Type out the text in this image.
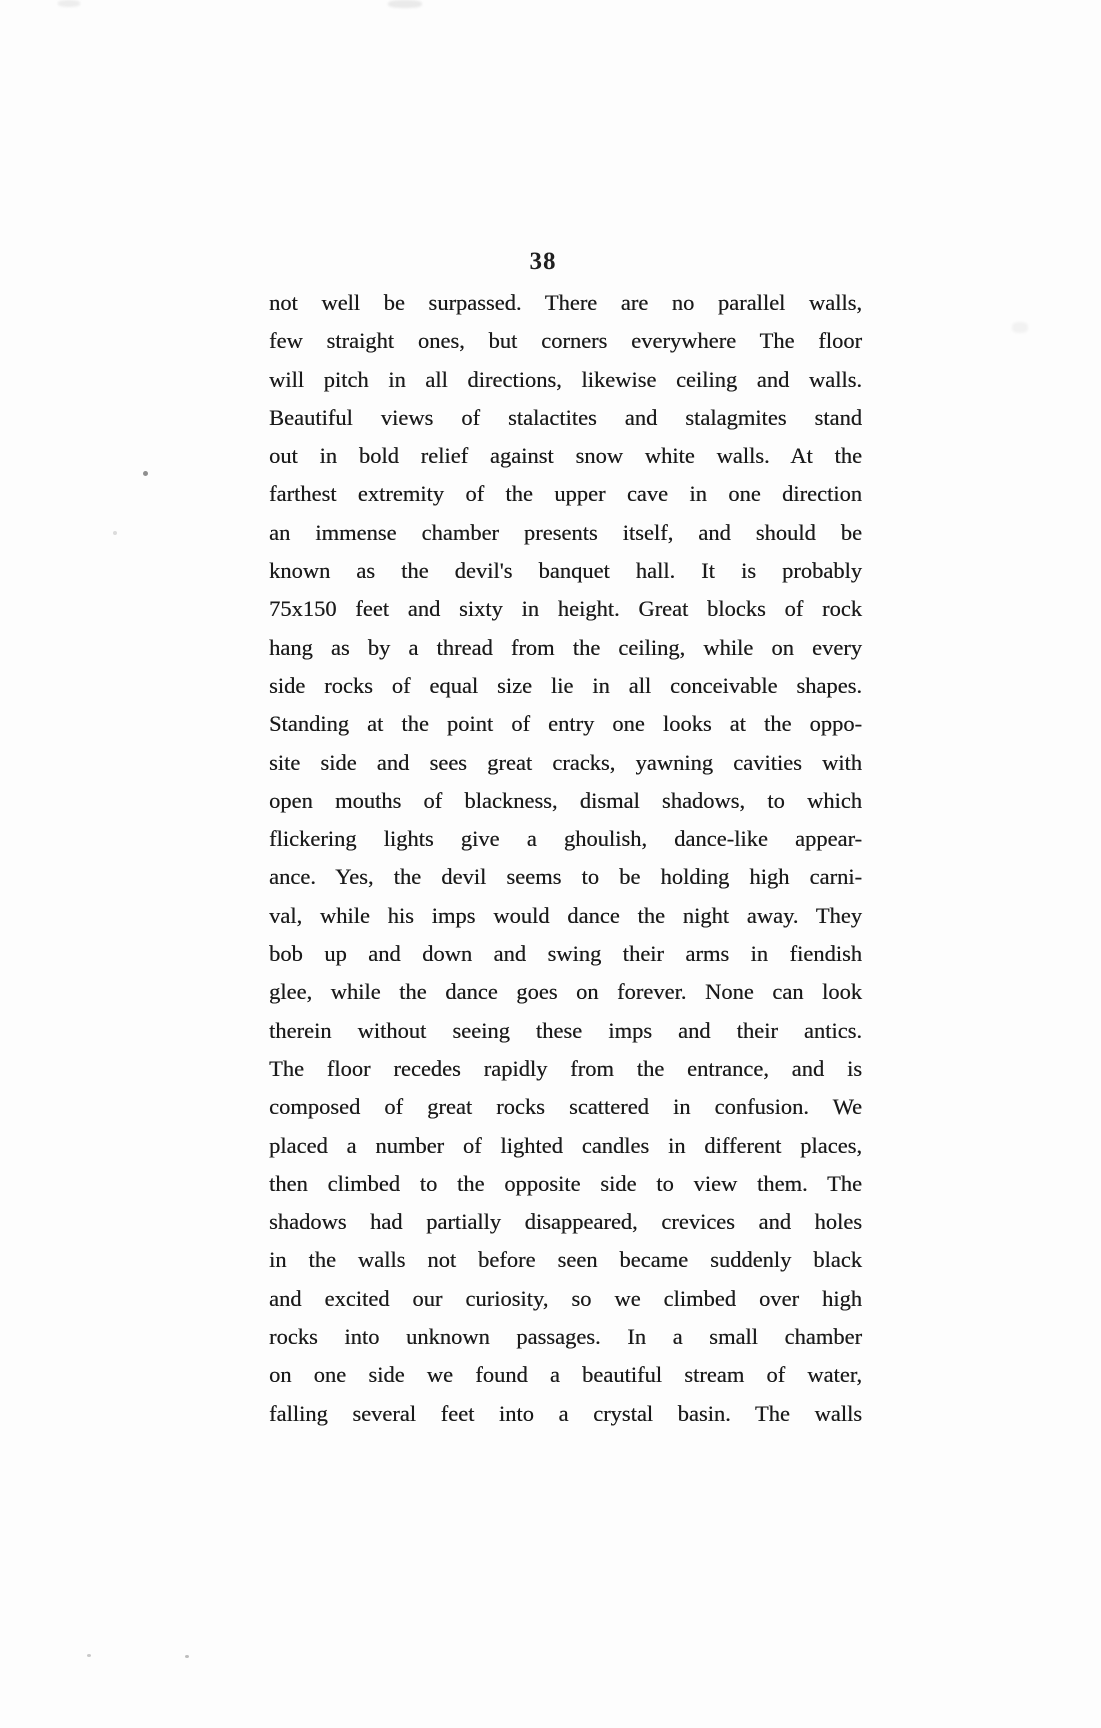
38
not well be surpassed. There are no parallel walls,
few straight ones, but corners everywhere The floor
will pitch in all directions, likewise ceiling and walls.
Beautiful views of stalactites and stalagmites stand
out in bold relief against snow white walls. At the
farthest extremity of the upper cave in one direction
an immense chamber presents itself, and should be
known as the devil's banquet hall. It is probably
75x150 feet and sixty in height. Great blocks of rock
hang as by a thread from the ceiling, while on every
side rocks of equal size lie in all conceivable shapes.
Standing at the point of entry one looks at the oppo-
site side and sees great cracks, yawning cavities with
open mouths of blackness, dismal shadows, to which
flickering lights give a ghoulish, dance-like appear-
ance. Yes, the devil seems to be holding high carni-
val, while his imps would dance the night away. They
bob up and down and swing their arms in fiendish
glee, while the dance goes on forever. None can look
therein without seeing these imps and their antics.
The floor recedes rapidly from the entrance, and is
composed of great rocks scattered in confusion. We
placed a number of lighted candles in different places,
then climbed to the opposite side to view them. The
shadows had partially disappeared, crevices and holes
in the walls not before seen became suddenly black
and excited our curiosity, so we climbed over high
rocks into unknown passages. In a small chamber
on one side we found a beautiful stream of water,
falling several feet into a crystal basin. The walls
